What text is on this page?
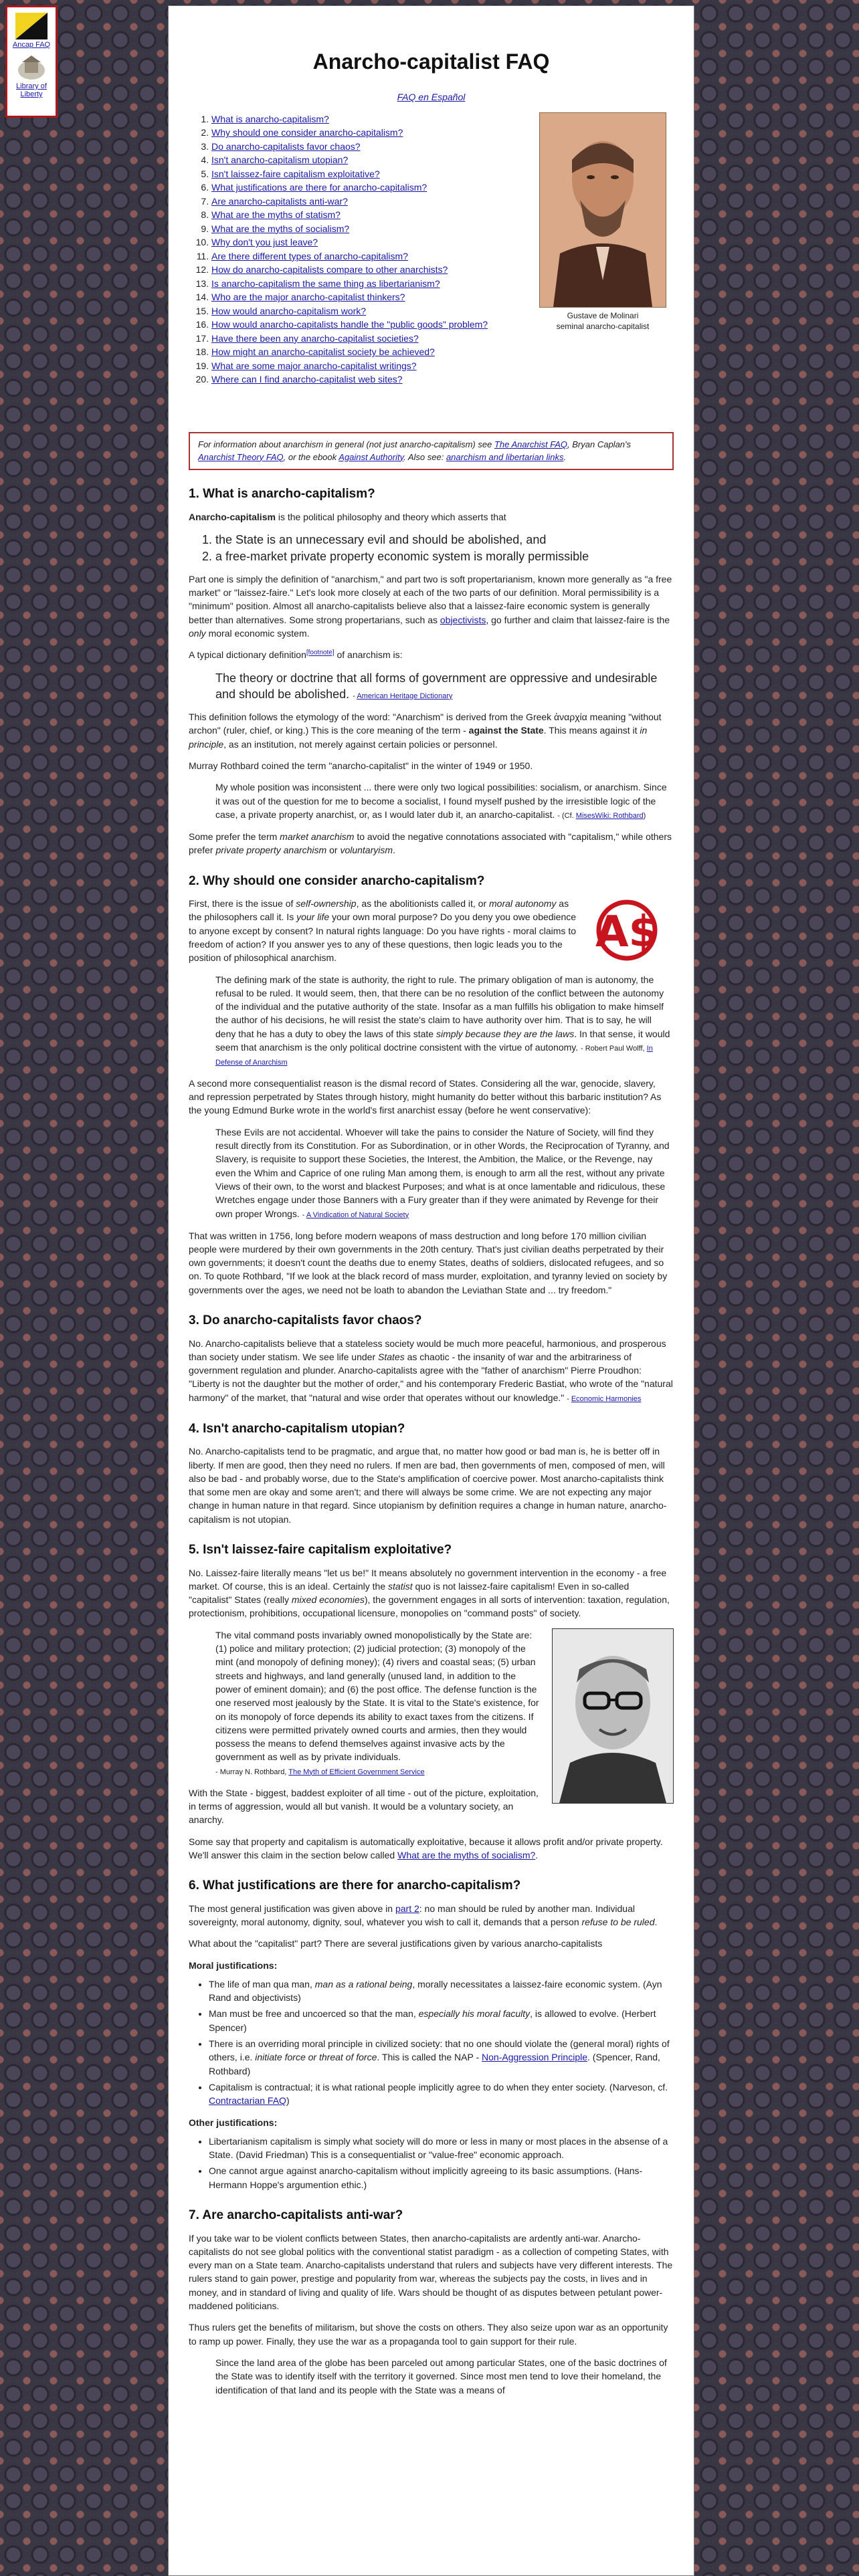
Ancap FAQ
Library of Liberty
Anarcho-capitalist FAQ
FAQ en Español
1. What is anarcho-capitalism?
2. Why should one consider anarcho-capitalism?
3. Do anarcho-capitalists favor chaos?
4. Isn't anarcho-capitalism utopian?
5. Isn't laissez-faire capitalism exploitative?
6. What justifications are there for anarcho-capitalism?
7. Are anarcho-capitalists anti-war?
8. What are the myths of statism?
9. What are the myths of socialism?
10. Why don't you just leave?
11. Are there different types of anarcho-capitalism?
12. How do anarcho-capitalists compare to other anarchists?
13. Is anarcho-capitalism the same thing as libertarianism?
14. Who are the major anarcho-capitalist thinkers?
15. How would anarcho-capitalism work?
16. How would anarcho-capitalists handle the "public goods" problem?
17. Have there been any anarcho-capitalist societies?
18. How might an anarcho-capitalist society be achieved?
19. What are some major anarcho-capitalist writings?
20. Where can I find anarcho-capitalist web sites?
Gustave de Molinari
seminal anarcho-capitalist
For information about anarchism in general (not just anarcho-capitalism) see The Anarchist FAQ, Bryan Caplan's Anarchist Theory FAQ, or the ebook Against Authority. Also see: anarchism and libertarian links.
1. What is anarcho-capitalism?

Anarcho-capitalism is the political philosophy and theory which asserts that

1. the State is an unnecessary evil and should be abolished, and
2. a free-market private property economic system is morally permissible

Part one is simply the definition of "anarchism," and part two is soft propertarianism, known more generally as "a free market" or "laissez-faire." Let's look more closely at each of the two parts of our definition. Moral permissibility is a "minimum" position. Almost all anarcho-capitalists believe also that a laissez-faire economic system is generally better than alternatives. Some strong propertarians, such as objectivists, go further and claim that laissez-faire is the only moral economic system.

A typical dictionary definition[footnote] of anarchism is:

The theory or doctrine that all forms of government are oppressive and undesirable and should be abolished. - American Heritage Dictionary

This definition follows the etymology of the word: "Anarchism" is derived from the Greek ἀναρχία meaning "without archon" (ruler, chief, or king.) This is the core meaning of the term - against the State. This means against it in principle, as an institution, not merely against certain policies or personnel.

Murray Rothbard coined the term "anarcho-capitalist" in the winter of 1949 or 1950.

My whole position was inconsistent ... there were only two logical possibilities: socialism, or anarchism. Since it was out of the question for me to become a socialist, I found myself pushed by the irresistible logic of the case, a private property anarchist, or, as I would later dub it, an anarcho-capitalist. - (Cf. MisesWiki: Rothbard)

Some prefer the term market anarchism to avoid the negative connotations associated with "capitalism," while others prefer private property anarchism or voluntaryism.

2. Why should one consider anarcho-capitalism?
A$

First, there is the issue of self-ownership, as the abolitionists called it, or moral autonomy as the philosophers call it. Is your life your own moral purpose? Do you deny you owe obedience to anyone except by consent? In natural rights language: Do you have rights - moral claims to freedom of action? If you answer yes to any of these questions, then logic leads you to the position of philosophical anarchism.

The defining mark of the state is authority, the right to rule. The primary obligation of man is autonomy, the refusal to be ruled. It would seem, then, that there can be no resolution of the conflict between the autonomy of the individual and the putative authority of the state. Insofar as a man fulfills his obligation to make himself the author of his decisions, he will resist the state's claim to have authority over him. That is to say, he will deny that he has a duty to obey the laws of this state simply because they are the laws. In that sense, it would seem that anarchism is the only political doctrine consistent with the virtue of autonomy. - Robert Paul Wolff, In Defense of Anarchism

A second more consequentialist reason is the dismal record of States. Considering all the war, genocide, slavery, and repression perpetrated by States through history, might humanity do better without this barbaric institution? As the young Edmund Burke wrote in the world's first anarchist essay (before he went conservative):

These Evils are not accidental. Whoever will take the pains to consider the Nature of Society, will find they result directly from its Constitution. For as Subordination, or in other Words, the Reciprocation of Tyranny, and Slavery, is requisite to support these Societies, the Interest, the Ambition, the Malice, or the Revenge, nay even the Whim and Caprice of one ruling Man among them, is enough to arm all the rest, without any private Views of their own, to the worst and blackest Purposes; and what is at once lamentable and ridiculous, these Wretches engage under those Banners with a Fury greater than if they were animated by Revenge for their own proper Wrongs. - A Vindication of Natural Society

That was written in 1756, long before modern weapons of mass destruction and long before 170 million civilian people were murdered by their own governments in the 20th century. That's just civilian deaths perpetrated by their own governments; it doesn't count the deaths due to enemy States, deaths of soldiers, dislocated refugees, and so on. To quote Rothbard, "If we look at the black record of mass murder, exploitation, and tyranny levied on society by governments over the ages, we need not be loath to abandon the Leviathan State and ... try freedom."

3. Do anarcho-capitalists favor chaos?

No. Anarcho-capitalists believe that a stateless society would be much more peaceful, harmonious, and prosperous than society under statism. We see life under States as chaotic - the insanity of war and the arbitrariness of government regulation and plunder. Anarcho-capitalists agree with the "father of anarchism" Pierre Proudhon: "Liberty is not the daughter but the mother of order," and his contemporary Frederic Bastiat, who wrote of the "natural harmony" of the market, that "natural and wise order that operates without our knowledge." - Economic Harmonies

4. Isn't anarcho-capitalism utopian?

No. Anarcho-capitalists tend to be pragmatic, and argue that, no matter how good or bad man is, he is better off in liberty. If men are good, then they need no rulers. If men are bad, then governments of men, composed of men, will also be bad - and probably worse, due to the State's amplification of coercive power. Most anarcho-capitalists think that some men are okay and some aren't; and there will always be some crime. We are not expecting any major change in human nature in that regard. Since utopianism by definition requires a change in human nature, anarcho-capitalism is not utopian.

5. Isn't laissez-faire capitalism exploitative?

No. Laissez-faire literally means "let us be!" It means absolutely no government intervention in the economy - a free market. Of course, this is an ideal. Certainly the statist quo is not laissez-faire capitalism! Even in so-called "capitalist" States (really mixed economies), the government engages in all sorts of intervention: taxation, regulation, protectionism, prohibitions, occupational licensure, monopolies on "command posts" of society.

The vital command posts invariably owned monopolistically by the State are: (1) police and military protection; (2) judicial protection; (3) monopoly of the mint (and monopoly of defining money); (4) rivers and coastal seas; (5) urban streets and highways, and land generally (unused land, in addition to the power of eminent domain); and (6) the post office. The defense function is the one reserved most jealously by the State. It is vital to the State's existence, for on its monopoly of force depends its ability to exact taxes from the citizens. If citizens were permitted privately owned courts and armies, then they would possess the means to defend themselves against invasive acts by the government as well as by private individuals.
- Murray N. Rothbard, The Myth of Efficient Government Service

With the State - biggest, baddest exploiter of all time - out of the picture, exploitation, in terms of aggression, would all but vanish. It would be a voluntary society, an anarchy.

Some say that property and capitalism is automatically exploitative, because it allows profit and/or private property. We'll answer this claim in the section below called What are the myths of socialism?.

6. What justifications are there for anarcho-capitalism?

The most general justification was given above in part 2: no man should be ruled by another man. Individual sovereignty, moral autonomy, dignity, soul, whatever you wish to call it, demands that a person refuse to be ruled.

What about the "capitalist" part? There are several justifications given by various anarcho-capitalists

Moral justifications:
• The life of man qua man, man as a rational being, morally necessitates a laissez-faire economic system. (Ayn Rand and objectivists)
• Man must be free and uncoerced so that the man, especially his moral faculty, is allowed to evolve. (Herbert Spencer)
• There is an overriding moral principle in civilized society: that no one should violate the (general moral) rights of others, i.e. initiate force or threat of force. This is called the NAP - Non-Aggression Principle. (Spencer, Rand, Rothbard)
• Capitalism is contractual; it is what rational people implicitly agree to do when they enter society. (Narveson, cf. Contractarian FAQ)
Other justifications:
• Libertarianism capitalism is simply what society will do more or less in many or most places in the absense of a State. (David Friedman) This is a consequentialist or "value-free" economic approach.
• One cannot argue against anarcho-capitalism without implicitly agreeing to its basic assumptions. (Hans-Hermann Hoppe's argumention ethic.)
7. Are anarcho-capitalists anti-war?

If you take war to be violent conflicts between States, then anarcho-capitalists are ardently anti-war. Anarcho-capitalists do not see global politics with the conventional statist paradigm - as a collection of competing States, with every man on a State team. Anarcho-capitalists understand that rulers and subjects have very different interests. The rulers stand to gain power, prestige and popularity from war, whereas the subjects pay the costs, in lives and in money, and in standard of living and quality of life. Wars should be thought of as disputes between petulant power-maddened politicians.

Thus rulers get the benefits of militarism, but shove the costs on others. They also seize upon war as an opportunity to ramp up power. Finally, they use the war as a propaganda tool to gain support for their rule.

Since the land area of the globe has been parceled out among particular States, one of the basic doctrines of the State was to identify itself with the territory it governed. Since most men tend to love their homeland, the identification of that land and its people with the State was a means of
